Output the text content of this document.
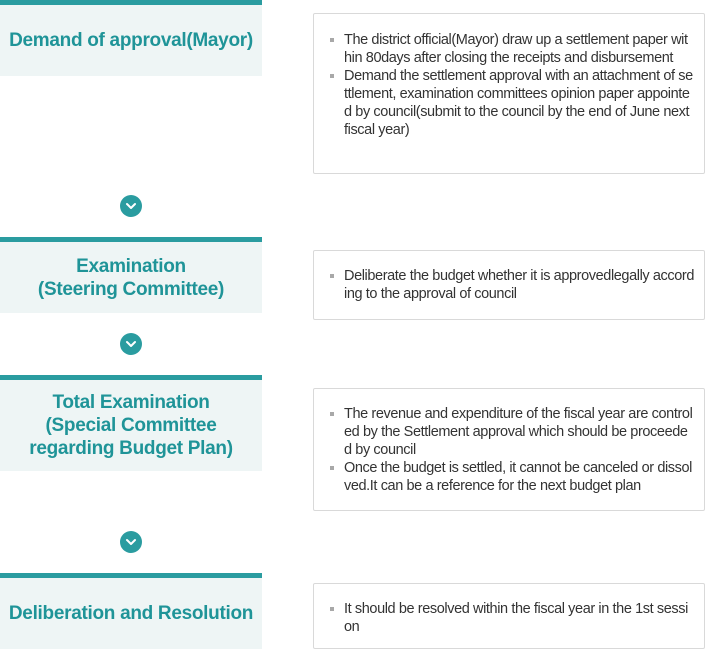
Demand of approval(Mayor)	The district official(Mayor) draw up a settlement paper within 80days after closing the receipts and disbursement
Demand the settlement approval with an attachment of settlement, examination committees opinion paper appointed by council(submit to the council by the end of June next fiscal year)
Examination
(Steering Committee)
Deliberate the budget whether it is approvedlegally according to the approval of council
Total Examination
(Special Committee
regarding Budget Plan)
The revenue and expenditure of the fiscal year are controled by the Settlement approval which should be proceeded by council
Once the budget is settled, it cannot be canceled or dissolved.It can be a reference for the next budget plan
Deliberation and Resolution	It should be resolved within the fiscal year in the 1st session
